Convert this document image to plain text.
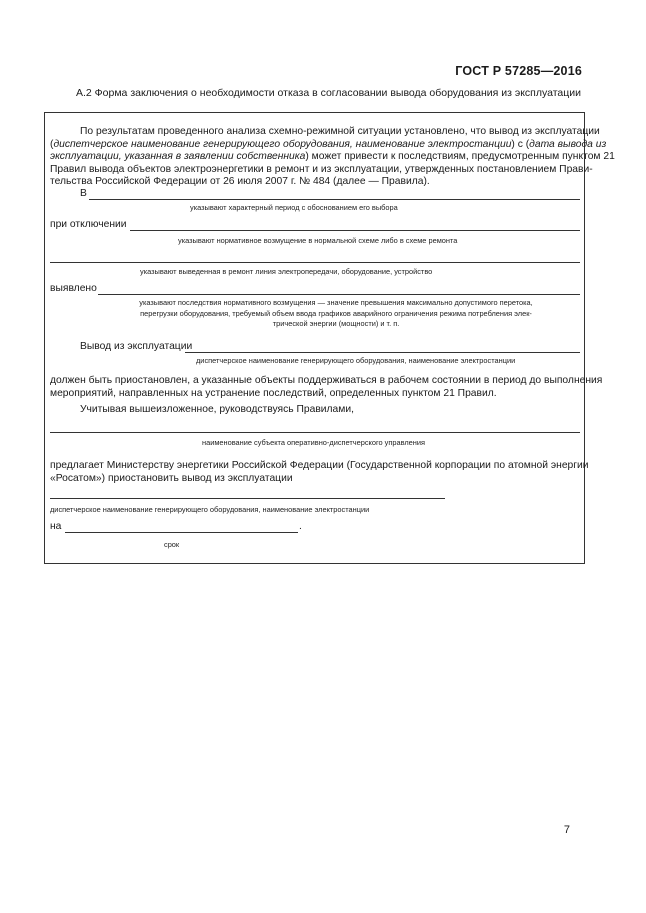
ГОСТ Р 57285—2016
А.2 Форма заключения о необходимости отказа в согласовании вывода оборудования из эксплуатации
По результатам проведенного анализа схемно-режимной ситуации установлено, что вывод из эксплуатации
(диспетчерское наименование генерирующего оборудования, наименование электростанции) с (дата вывода из
эксплуатации, указанная в заявлении собственника) может привести к последствиям, предусмотренным пунктом 21
Правил вывода объектов электроэнергетики в ремонт и из эксплуатации, утвержденных постановлением Прави-
тельства Российской Федерации от 26 июля 2007 г. № 484 (далее — Правила).
В
указывают характерный период с обоснованием его выбора
при отключении
указывают нормативное возмущение в нормальной схеме либо в схеме ремонта
указывают выведенная в ремонт линия электропередачи, оборудование, устройство
выявлено
указывают последствия нормативного возмущения — значение превышения максимально допустимого перетока,
перегрузки оборудования, требуемый объем ввода графиков аварийного ограничения режима потребления элек-
трической энергии (мощности) и т. п.
Вывод из эксплуатации
диспетчерское наименование генерирующего оборудования, наименование электростанции
должен быть приостановлен, а указанные объекты поддерживаться в рабочем состоянии в период до выполнения
мероприятий, направленных на устранение последствий, определенных пунктом 21 Правил.
Учитывая вышеизложенное, руководствуясь Правилами,
наименование субъекта оперативно-диспетчерского управления
предлагает Министерству энергетики Российской Федерации (Государственной корпорации по атомной энергии
«Росатом») приостановить вывод из эксплуатации
диспетчерское наименование генерирующего оборудования, наименование электростанции
на	.
срок
7
